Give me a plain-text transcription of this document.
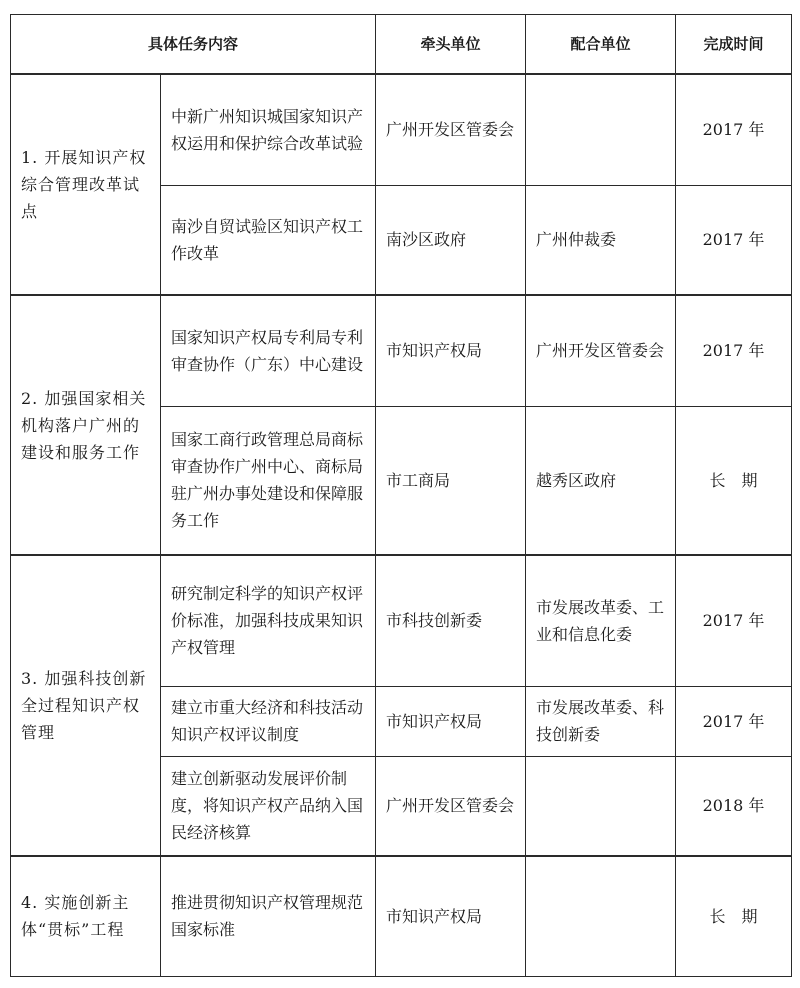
具体任务内容		牵头单位	配合单位	完成时间
1. 开展知识产权综合管理改革试点	中新广州知识城国家知识产权运用和保护综合改革试验	广州开发区管委会		2017 年
	南沙自贸试验区知识产权工作改革	南沙区政府	广州仲裁委	2017 年
2. 加强国家相关机构落户广州的建设和服务工作	国家知识产权局专利局专利审查协作（广东）中心建设	市知识产权局	广州开发区管委会	2017 年
	国家工商行政管理总局商标审查协作广州中心、商标局驻广州办事处建设和保障服务工作	市工商局	越秀区政府	长　期
3. 加强科技创新全过程知识产权管理	研究制定科学的知识产权评价标准，加强科技成果知识产权管理	市科技创新委	市发展改革委、工业和信息化委	2017 年
	建立市重大经济和科技活动知识产权评议制度	市知识产权局	市发展改革委、科技创新委	2017 年
	建立创新驱动发展评价制度，将知识产权产品纳入国民经济核算	广州开发区管委会		2018 年
4. 实施创新主体“贯标”工程	推进贯彻知识产权管理规范国家标准	市知识产权局		长　期
